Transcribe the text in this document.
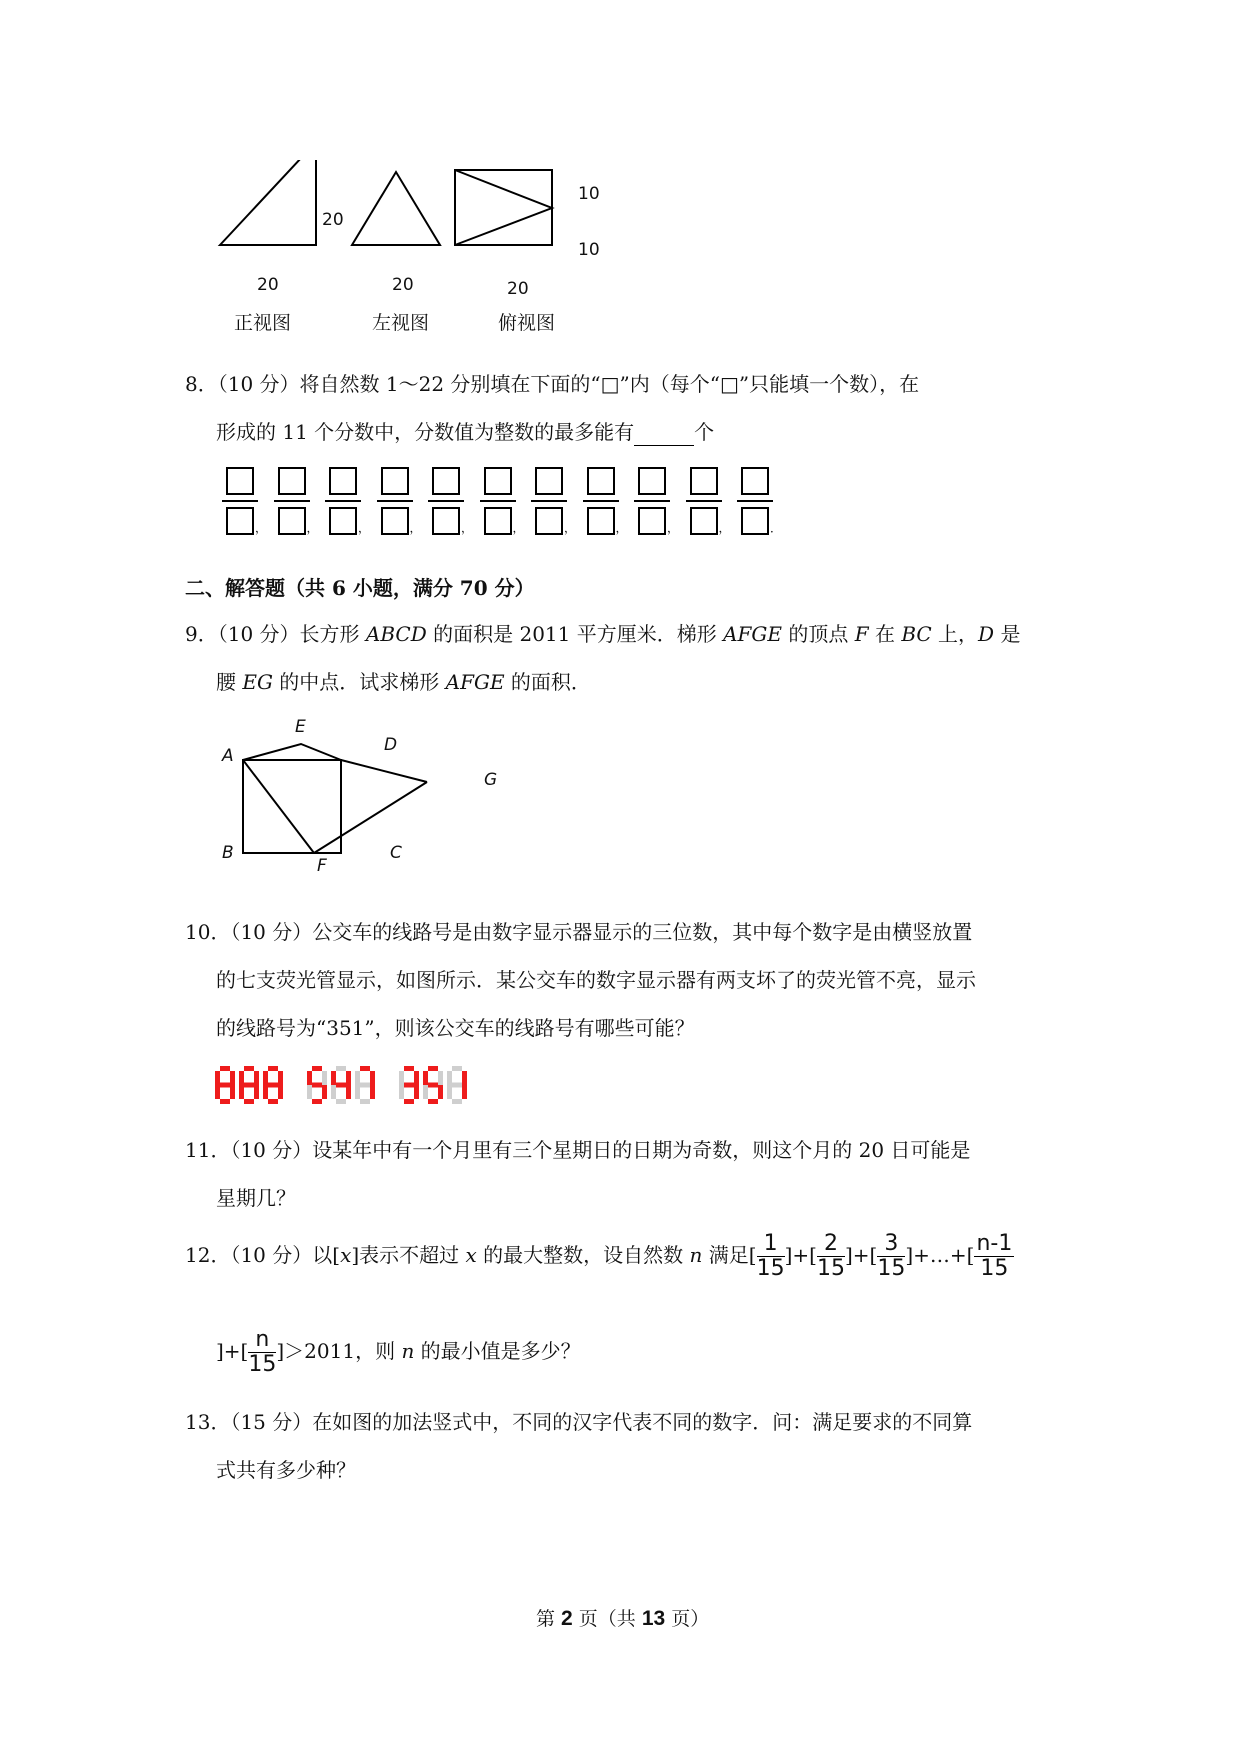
20
20	20
10
10
20
正视图	左视图	俯视图
8．（10 分）将自然数 1～22 分别填在下面的“□”内（每个“□”只能填一个数），在
形成的 11 个分数中，分数值为整数的最多能有	个
，	，	，	，	，	，	，	，	，	，	．
二、解答题（共 6 小题，满分 70 分）
9．（10 分）长方形 ABCD 的面积是 2011 平方厘米．梯形 AFGE 的顶点 F 在 BC 上，D 是
腰 EG 的中点．试求梯形 AFGE 的面积．
A
E
D
G
B
F
C
10．（10 分）公交车的线路号是由数字显示器显示的三位数，其中每个数字是由横竖放置
的七支荧光管显示，如图所示．某公交车的数字显示器有两支坏了的荧光管不亮，显示
的线路号为“351”，则该公交车的线路号有哪些可能？
11．（10 分）设某年中有一个月里有三个星期日的日期为奇数，则这个月的 20 日可能是
星期几？
12．（10 分）以[x]表示不超过 x 的最大整数，设自然数 n 满足[ $\frac{1}{15}$ ]+[ $\frac{2}{15}$ ]+[ $\frac{3}{15}$ ]+…+[ $\frac{n-1}{15}$
]+[ $\frac{n}{15} ]>2011$，则 n 的最小值是多少？
13．（15 分）在如图的加法竖式中，不同的汉字代表不同的数字．问：满足要求的不同算
式共有多少种？
第 2 页（共 13 页）
